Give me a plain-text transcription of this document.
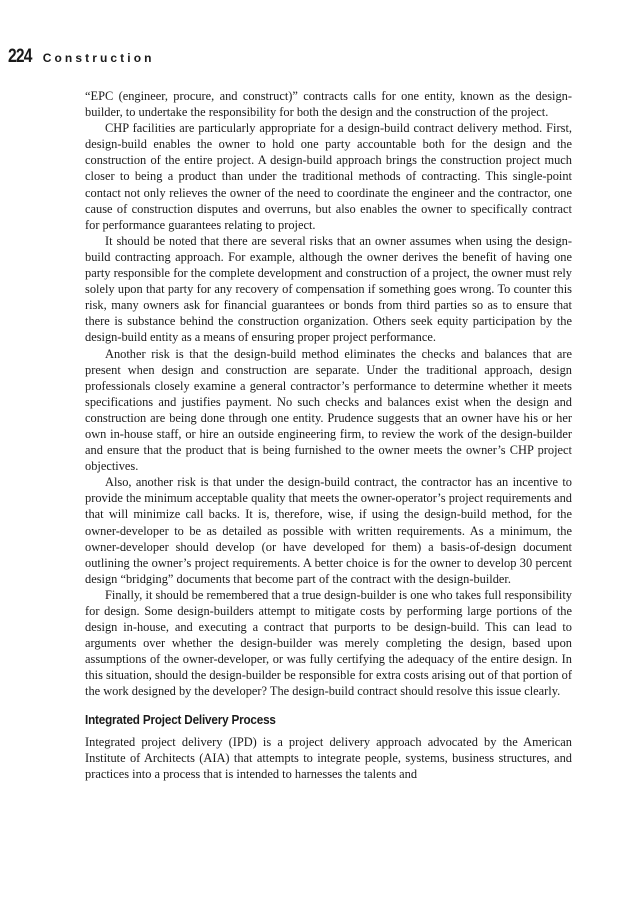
224 Construction

“EPC (engineer, procure, and construct)” contracts calls for one entity, known as the design-builder, to undertake the responsibility for both the design and the construction of the project.

CHP facilities are particularly appropriate for a design-build contract delivery method. First, design-build enables the owner to hold one party accountable both for the design and the construction of the entire project. A design-build approach brings the construction project much closer to being a product than under the traditional methods of contracting. This single-point contact not only relieves the owner of the need to coordinate the engineer and the contractor, one cause of construction disputes and overruns, but also enables the owner to specifically contract for performance guarantees relating to project.

It should be noted that there are several risks that an owner assumes when using the design-build contracting approach. For example, although the owner derives the benefit of having one party responsible for the complete development and construction of a project, the owner must rely solely upon that party for any recovery of compensation if something goes wrong. To counter this risk, many owners ask for financial guarantees or bonds from third parties so as to ensure that there is substance behind the construction organization. Others seek equity participation by the design-build entity as a means of ensuring proper project performance.

Another risk is that the design-build method eliminates the checks and balances that are present when design and construction are separate. Under the traditional approach, design professionals closely examine a general contractor’s performance to determine whether it meets specifications and justifies payment. No such checks and balances exist when the design and construction are being done through one entity. Prudence suggests that an owner have his or her own in-house staff, or hire an outside engineering firm, to review the work of the design-builder and ensure that the product that is being furnished to the owner meets the owner’s CHP project objectives.

Also, another risk is that under the design-build contract, the contractor has an incentive to provide the minimum acceptable quality that meets the owner-operator’s project requirements and that will minimize call backs. It is, therefore, wise, if using the design-build method, for the owner-developer to be as detailed as possible with written requirements. As a minimum, the owner-developer should develop (or have developed for them) a basis-of-design document outlining the owner’s project requirements. A better choice is for the owner to develop 30 percent design “bridging” documents that become part of the contract with the design-builder.

Finally, it should be remembered that a true design-builder is one who takes full responsibility for design. Some design-builders attempt to mitigate costs by performing large portions of the design in-house, and executing a contract that purports to be design-build. This can lead to arguments over whether the design-builder was merely completing the design, based upon assumptions of the owner-developer, or was fully certifying the adequacy of the entire design. In this situation, should the design-builder be responsible for extra costs arising out of that portion of the work designed by the developer? The design-build contract should resolve this issue clearly.

Integrated Project Delivery Process

Integrated project delivery (IPD) is a project delivery approach advocated by the American Institute of Architects (AIA) that attempts to integrate people, systems, business structures, and practices into a process that is intended to harnesses the talents and
